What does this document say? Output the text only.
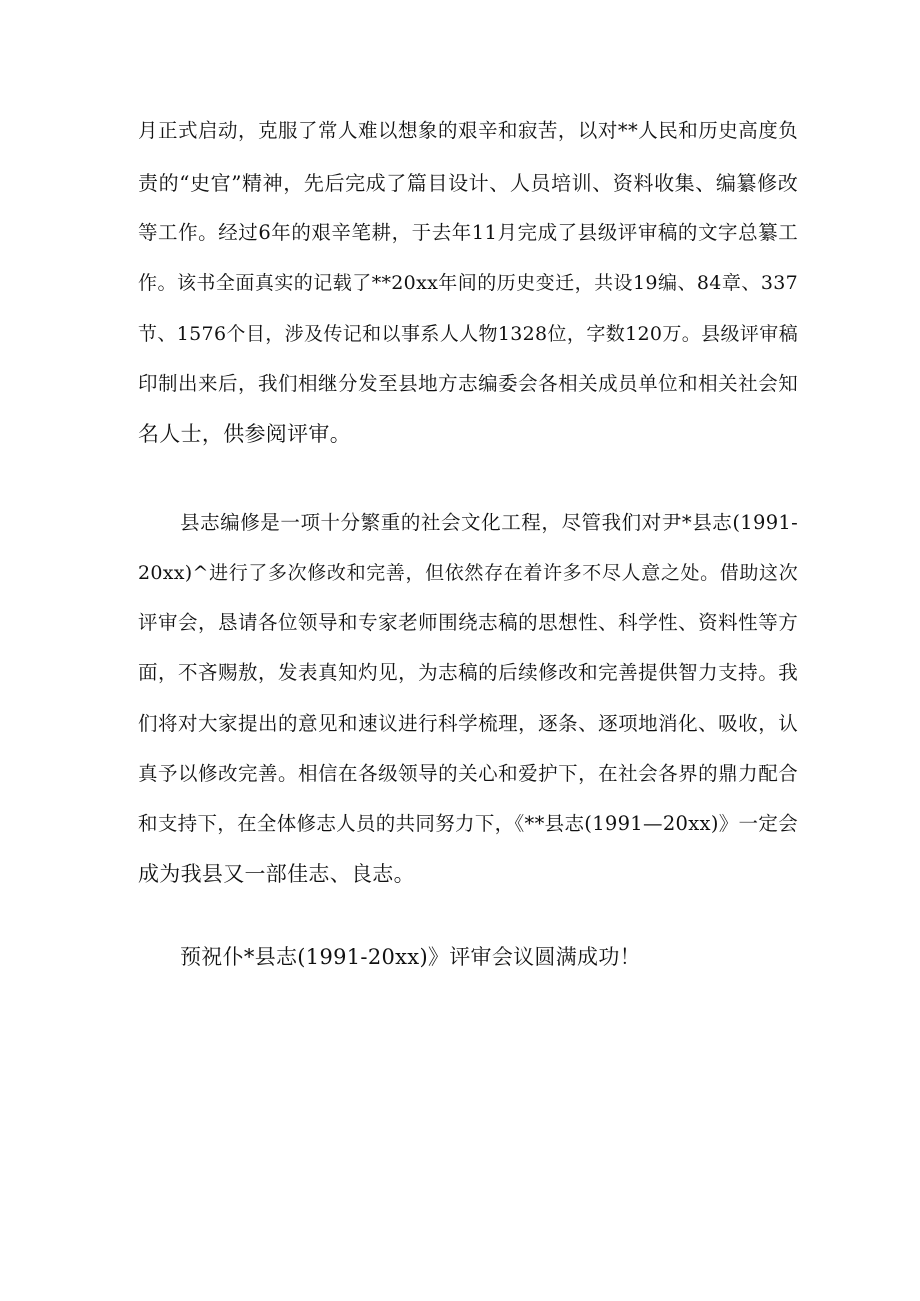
月正式启动，克服了常人难以想象的艰辛和寂苦，以对**人民和历史高度负
责的“史官”精神，先后完成了篇目设计、人员培训、资料收集、编纂修改
等工作。经过6年的艰辛笔耕，于去年11月完成了县级评审稿的文字总纂工
作。该书全面真实的记载了**20xx年间的历史变迁，共设19编、84章、337
节、1576个目，涉及传记和以事系人人物1328位，字数120万。县级评审稿
印制出来后，我们相继分发至县地方志编委会各相关成员单位和相关社会知
名人士，供参阅评审。
县志编修是一项十分繁重的社会文化工程，尽管我们对尹*县志(1991-
20xx)^进行了多次修改和完善，但依然存在着许多不尽人意之处。借助这次
评审会，恳请各位领导和专家老师围绕志稿的思想性、科学性、资料性等方
面，不吝赐敖，发表真知灼见，为志稿的后续修改和完善提供智力支持。我
们将对大家提出的意见和速议进行科学梳理，逐条、逐项地消化、吸收，认
真予以修改完善。相信在各级领导的关心和爱护下，在社会各界的鼎力配合
和支持下，在全体修志人员的共同努力下，《**县志(1991—20xx)》一定会
成为我县又一部佳志、良志。
预祝仆*县志(1991-20xx)》评审会议圆满成功！
